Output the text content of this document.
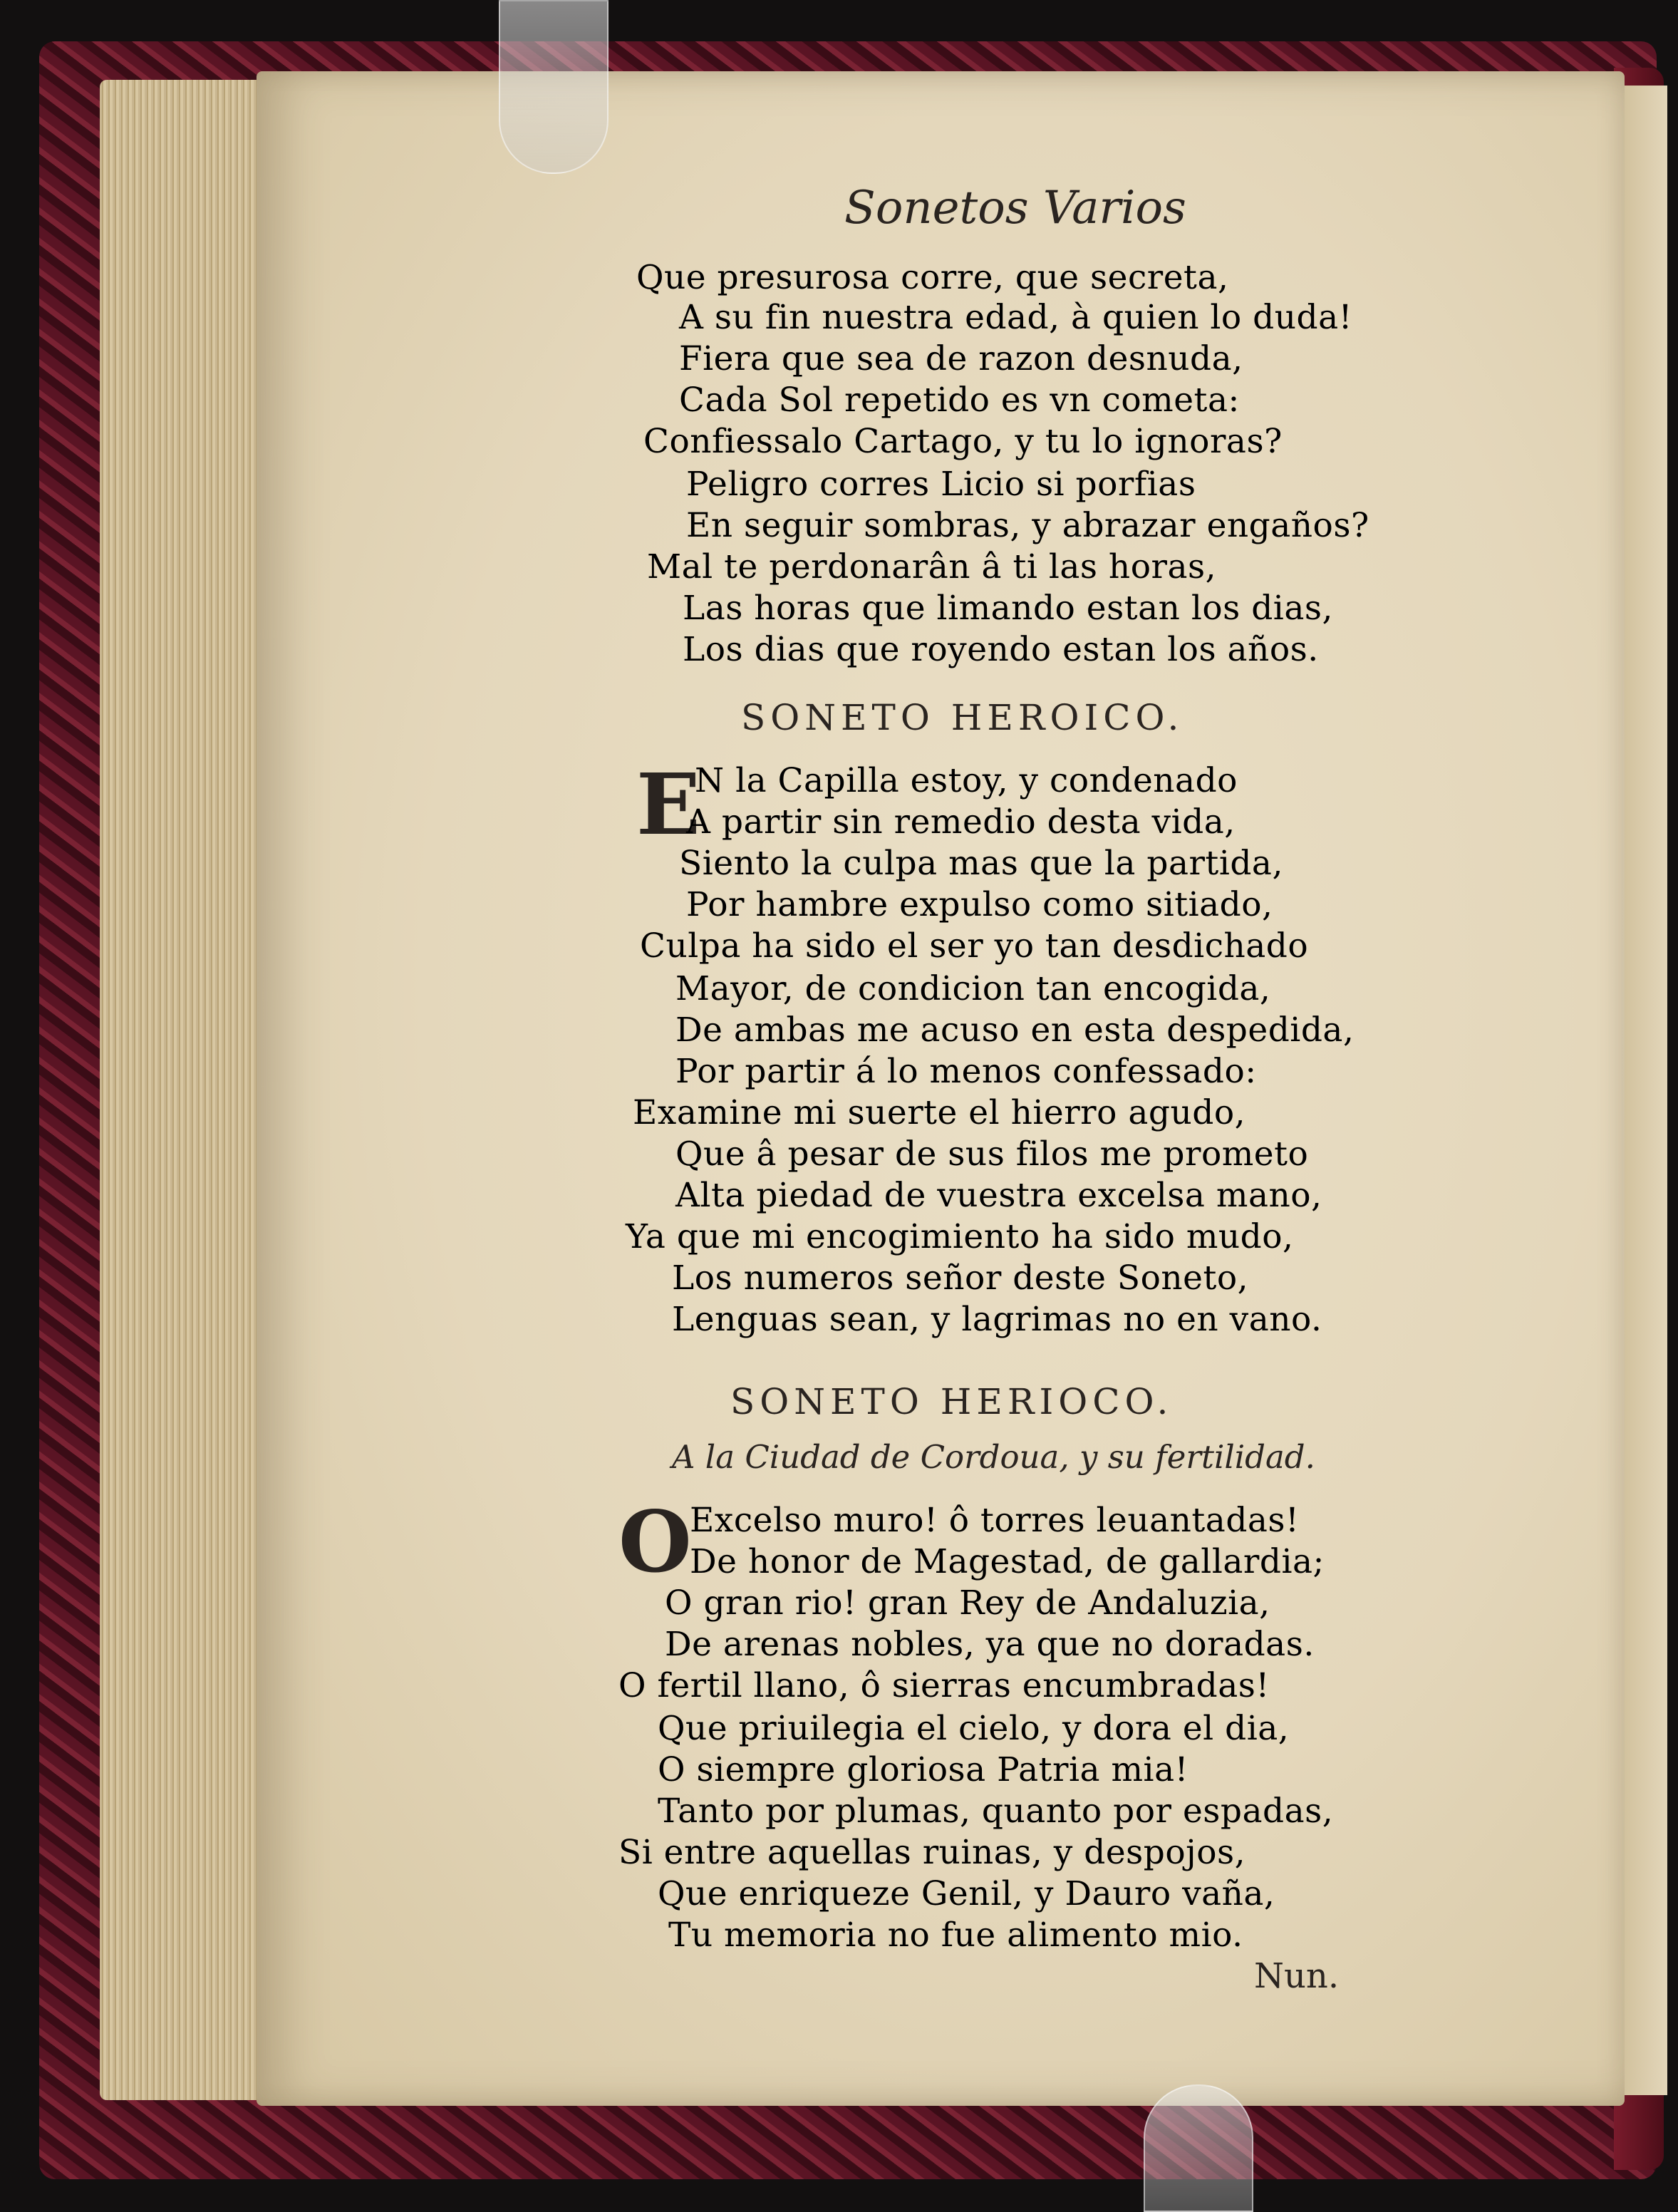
Sonetos Varios
Que presurosa corre, que secreta,
A su fin nuestra edad, à quien lo duda!
Fiera que sea de razon desnuda,
Cada Sol repetido es vn cometa:
Confiessalo Cartago, y tu lo ignoras?
Peligro corres Licio si porfias
En seguir sombras, y abrazar engaños?
Mal te perdonarân â ti las horas,
Las horas que limando estan los dias,
Los dias que royendo estan los años.
SONETO HEROICO.
E
N la Capilla estoy, y condenado
A partir sin remedio desta vida,
Siento la culpa mas que la partida,
Por hambre expulso como sitiado,
Culpa ha sido el ser yo tan desdichado
Mayor, de condicion tan encogida,
De ambas me acuso en esta despedida,
Por partir á lo menos confessado:
Examine mi suerte el hierro agudo,
Que â pesar de sus filos me prometo
Alta piedad de vuestra excelsa mano,
Ya que mi encogimiento ha sido mudo,
Los numeros señor deste Soneto,
Lenguas sean, y lagrimas no en vano.
SONETO HERIOCO.
A la Ciudad de Cordoua, y su fertilidad.
O
Excelso muro! ô torres leuantadas!
De honor de Magestad, de gallardia;
O gran rio! gran Rey de Andaluzia,
De arenas nobles, ya que no doradas.
O fertil llano, ô sierras encumbradas!
Que priuilegia el cielo, y dora el dia,
O siempre gloriosa Patria mia!
Tanto por plumas, quanto por espadas,
Si entre aquellas ruinas, y despojos,
Que enriqueze Genil, y Dauro vaña,
Tu memoria no fue alimento mio.
Nun.
